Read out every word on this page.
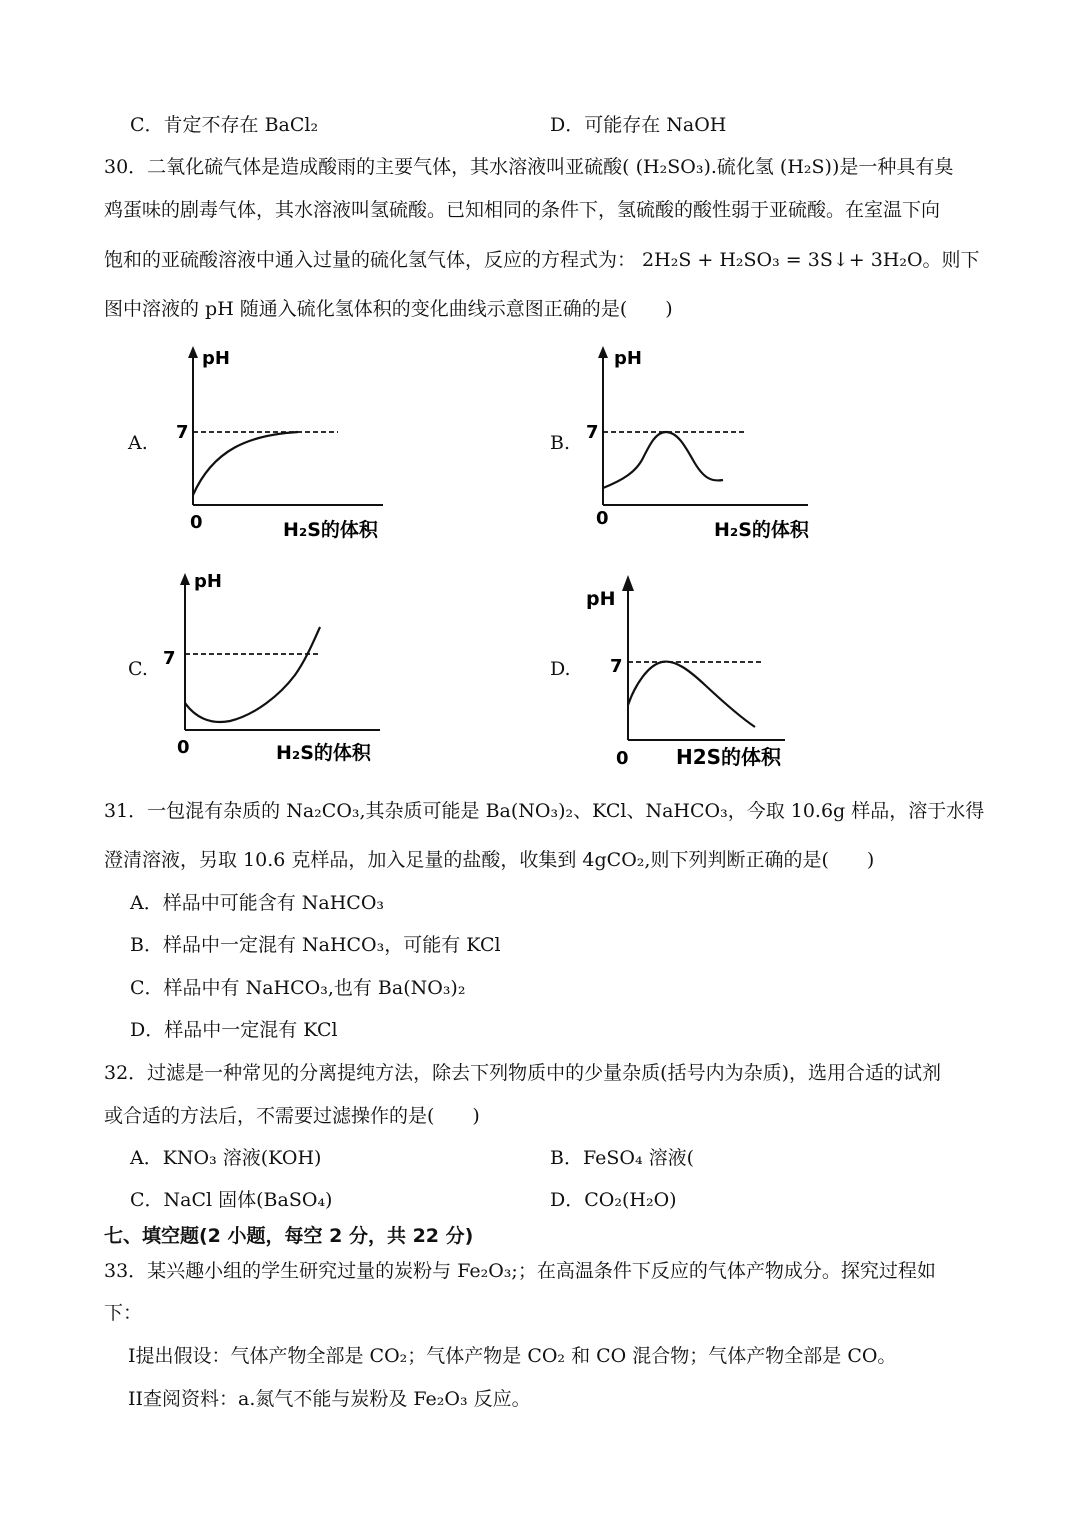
C．肯定不存在 BaCl₂	D．可能存在 NaOH
30．二氧化硫气体是造成酸雨的主要气体，其水溶液叫亚硫酸( (H₂SO₃).硫化氢 (H₂S))是一种具有臭
鸡蛋味的剧毒气体，其水溶液叫氢硫酸。已知相同的条件下，氢硫酸的酸性弱于亚硫酸。在室温下向
饱和的亚硫酸溶液中通入过量的硫化氢气体，反应的方程式为： 2H₂S + H₂SO₃ = 3S↓+ 3H₂O。则下
图中溶液的 pH 随通入硫化氢体积的变化曲线示意图正确的是(　　)
A.
pH
7
0	H₂S的体积
B.
pH
7
0
H₂S的体积
C.
pH
7
0	H₂S的体积
D.
pH
7
0 H2S的体积
31．一包混有杂质的 Na₂CO₃,其杂质可能是 Ba(NO₃)₂、KCl、NaHCO₃，今取 10.6g 样品，溶于水得
澄清溶液，另取 10.6 克样品，加入足量的盐酸，收集到 4gCO₂,则下列判断正确的是(　　)
A．样品中可能含有 NaHCO₃
B．样品中一定混有 NaHCO₃，可能有 KCl
C．样品中有 NaHCO₃,也有 Ba(NO₃)₂
D．样品中一定混有 KCl
32．过滤是一种常见的分离提纯方法，除去下列物质中的少量杂质(括号内为杂质)，选用合适的试剂
或合适的方法后，不需要过滤操作的是(　　)
A．KNO₃ 溶液(KOH)	B．FeSO₄ 溶液(
C．NaCl 固体(BaSO₄)	D．CO₂(H₂O)
七、填空题(2 小题，每空 2 分，共 22 分)
33．某兴趣小组的学生研究过量的炭粉与 Fe₂O₃;；在高温条件下反应的气体产物成分。探究过程如
下：
I提出假设：气体产物全部是 CO₂；气体产物是 CO₂ 和 CO 混合物；气体产物全部是 CO。
II查阅资料：a.氮气不能与炭粉及 Fe₂O₃ 反应。
